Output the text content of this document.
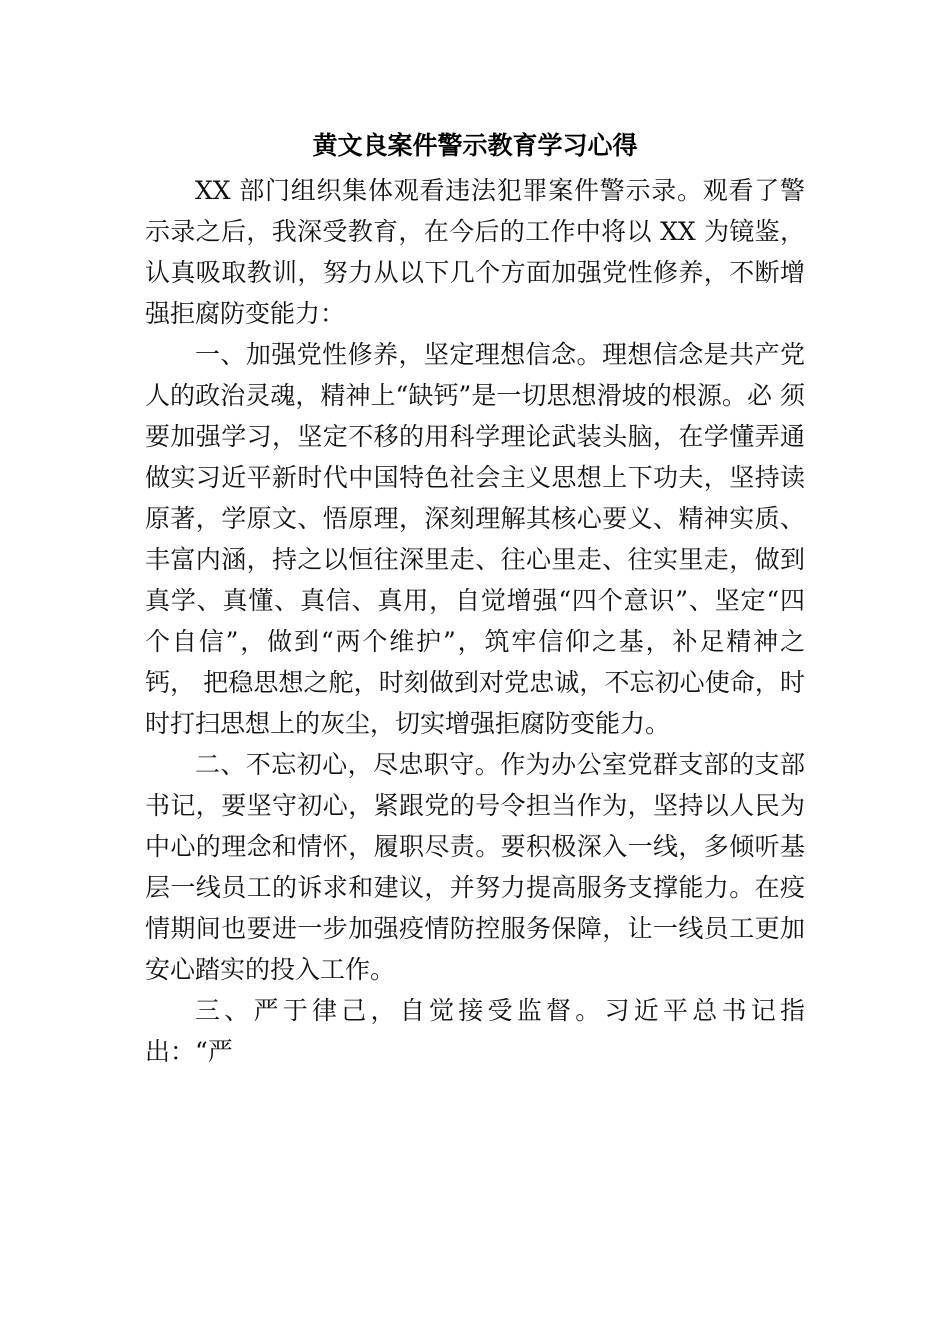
黄文良案件警示教育学习心得

XX 部门组织集体观看违法犯罪案件警示录。观看了警示录之后，我深受教育，在今后的工作中将以 XX 为镜鉴，认真吸取教训，努力从以下几个方面加强党性修养，不断增强拒腐防变能力：

一、加强党性修养，坚定理想信念。理想信念是共产党人的政治灵魂，精神上“缺钙”是一切思想滑坡的根源。必 须要加强学习，坚定不移的用科学理论武装头脑，在学懂弄通做实习近平新时代中国特色社会主义思想上下功夫，坚持读原著，学原文、悟原理，深刻理解其核心要义、精神实质、丰富内涵，持之以恒往深里走、往心里走、往实里走，做到真学、真懂、真信、真用，自觉增强“四个意识”、坚定“四个自信”，做到“两个维护”，筑牢信仰之基，补足精神之钙， 把稳思想之舵，时刻做到对党忠诚，不忘初心使命，时时打扫思想上的灰尘，切实增强拒腐防变能力。

二、不忘初心，尽忠职守。作为办公室党群支部的支部书记，要坚守初心，紧跟党的号令担当作为，坚持以人民为中心的理念和情怀，履职尽责。要积极深入一线，多倾听基层一线员工的诉求和建议，并努力提高服务支撑能力。在疫情期间也要进一步加强疫情防控服务保障，让一线员工更加安心踏实的投入工作。

三、严于律己，自觉接受监督。习近平总书记指出：“严
